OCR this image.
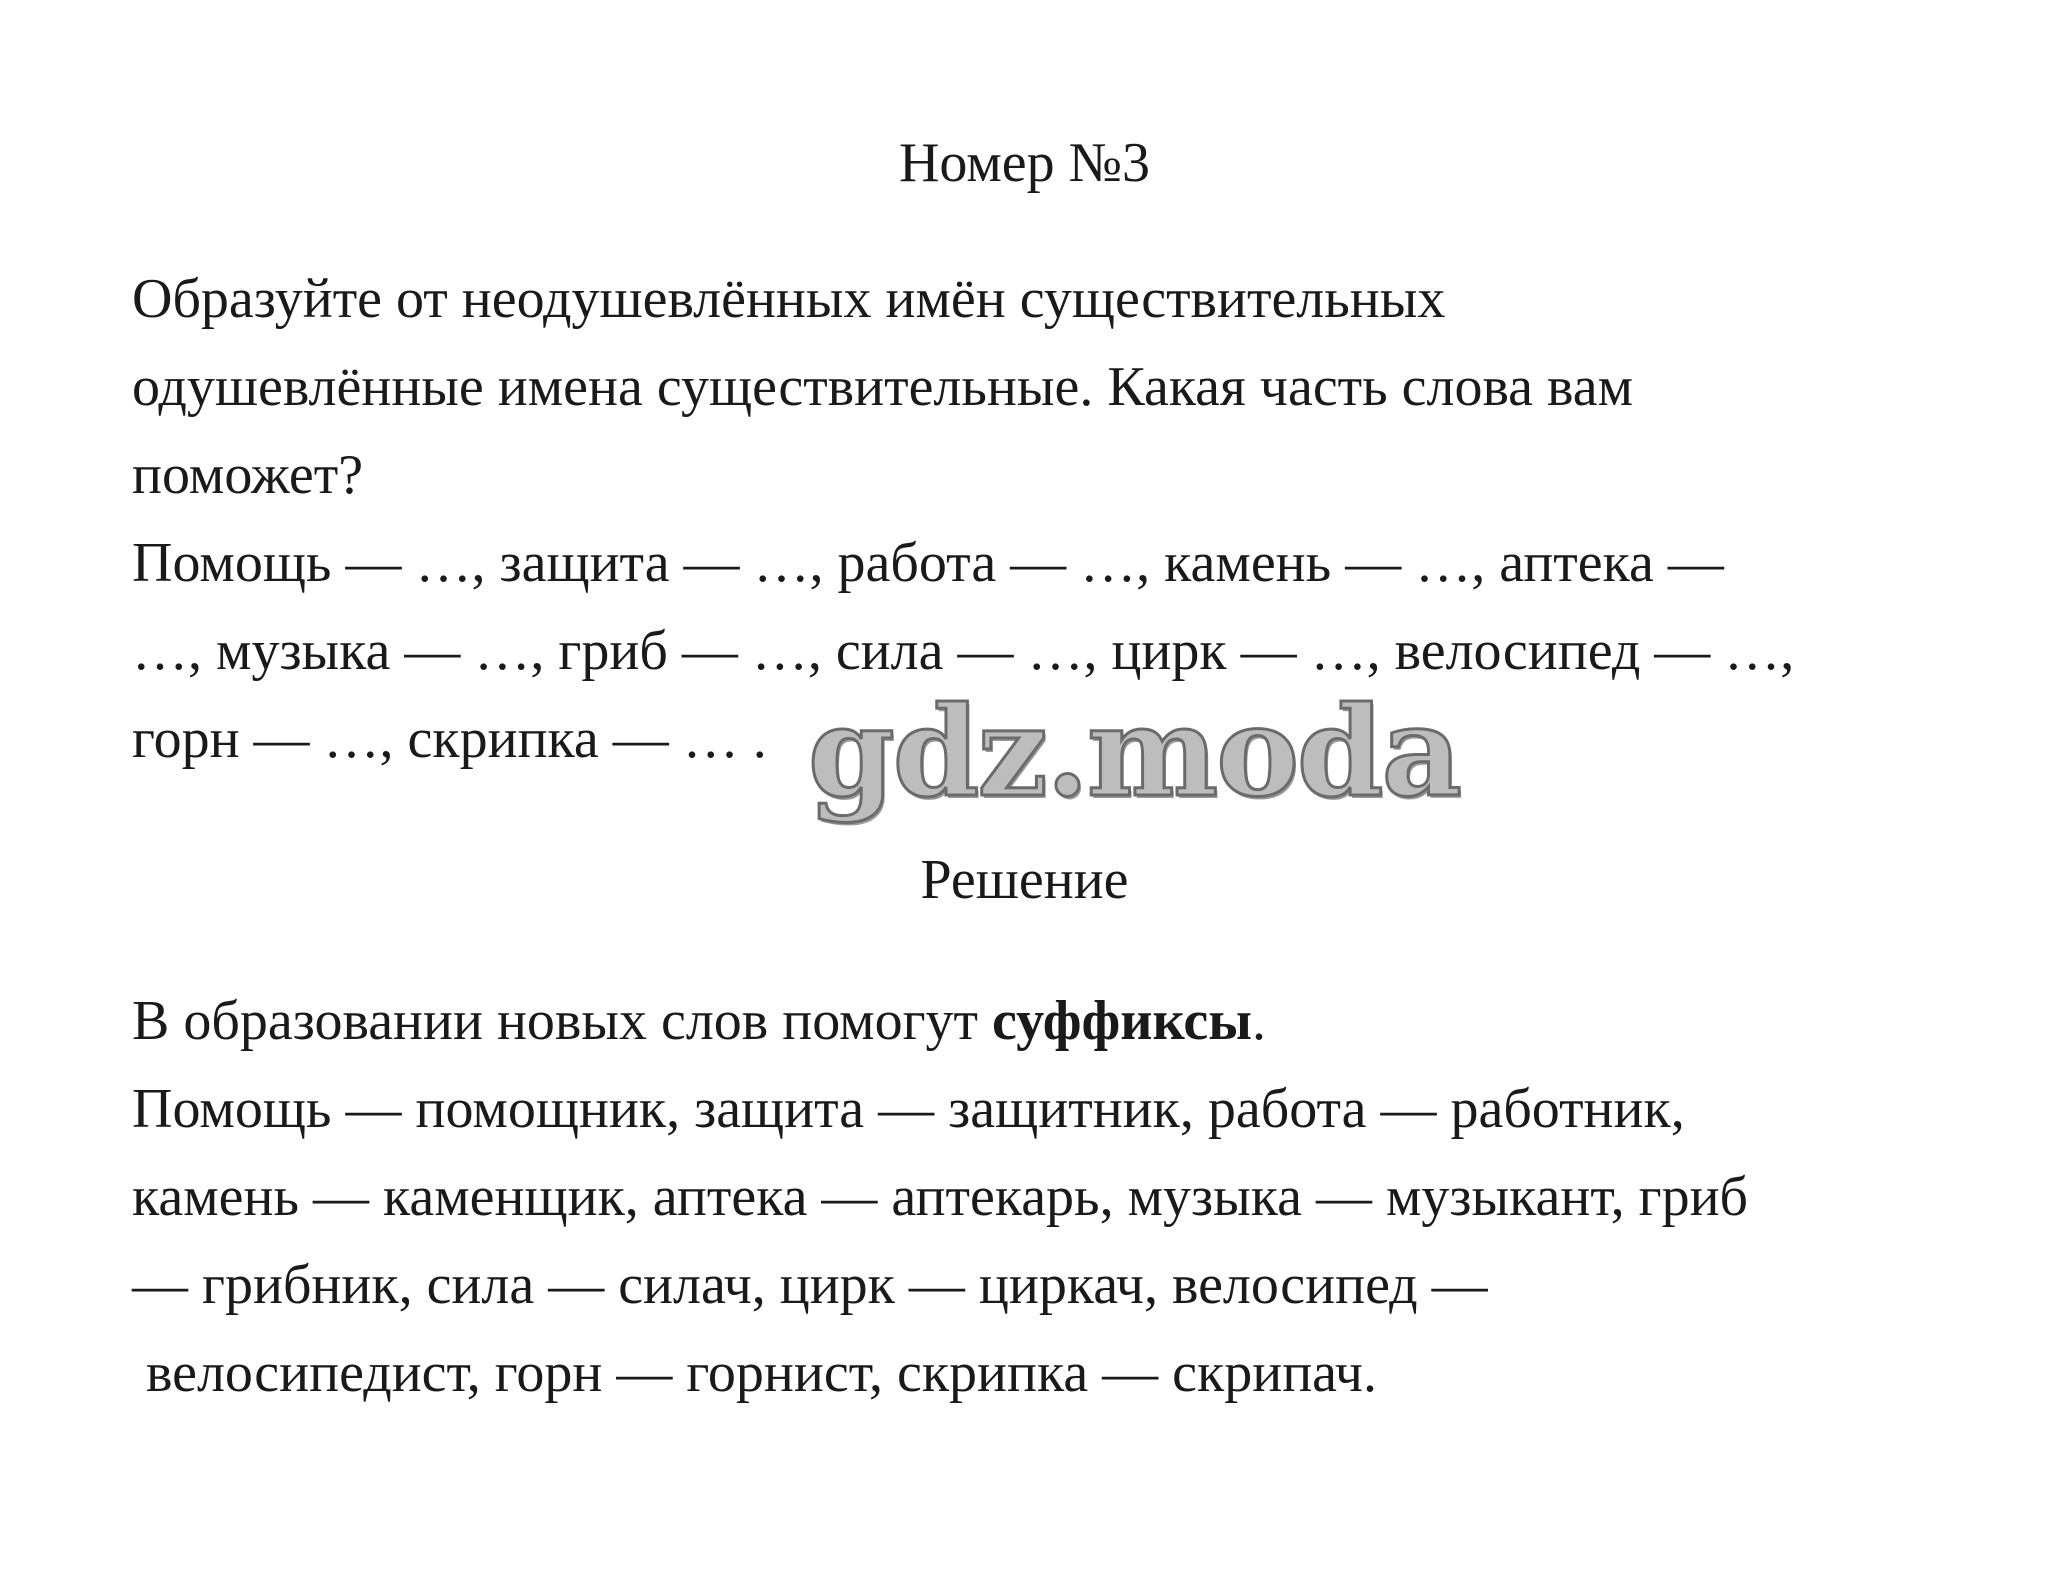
Номер №3
Образуйте от неодушевлённых имён существительных
одушевлённые имена существительные. Какая часть слова вам
поможет?
Помощь — …, защита — …, работа — …, камень — …, аптека —
…, музыка — …, гриб — …, сила — …, цирк — …, велосипед — …,
горн — …, скрипка — … . gdz.moda
Решение
В образовании новых слов помогут суффиксы.
Помощь — помощник, защита — защитник, работа — работник,
камень — каменщик, аптека — аптекарь, музыка — музыкант, гриб
— грибник, сила — силач, цирк — циркач, велосипед —
велосипедист, горн — горнист, скрипка — скрипач.
